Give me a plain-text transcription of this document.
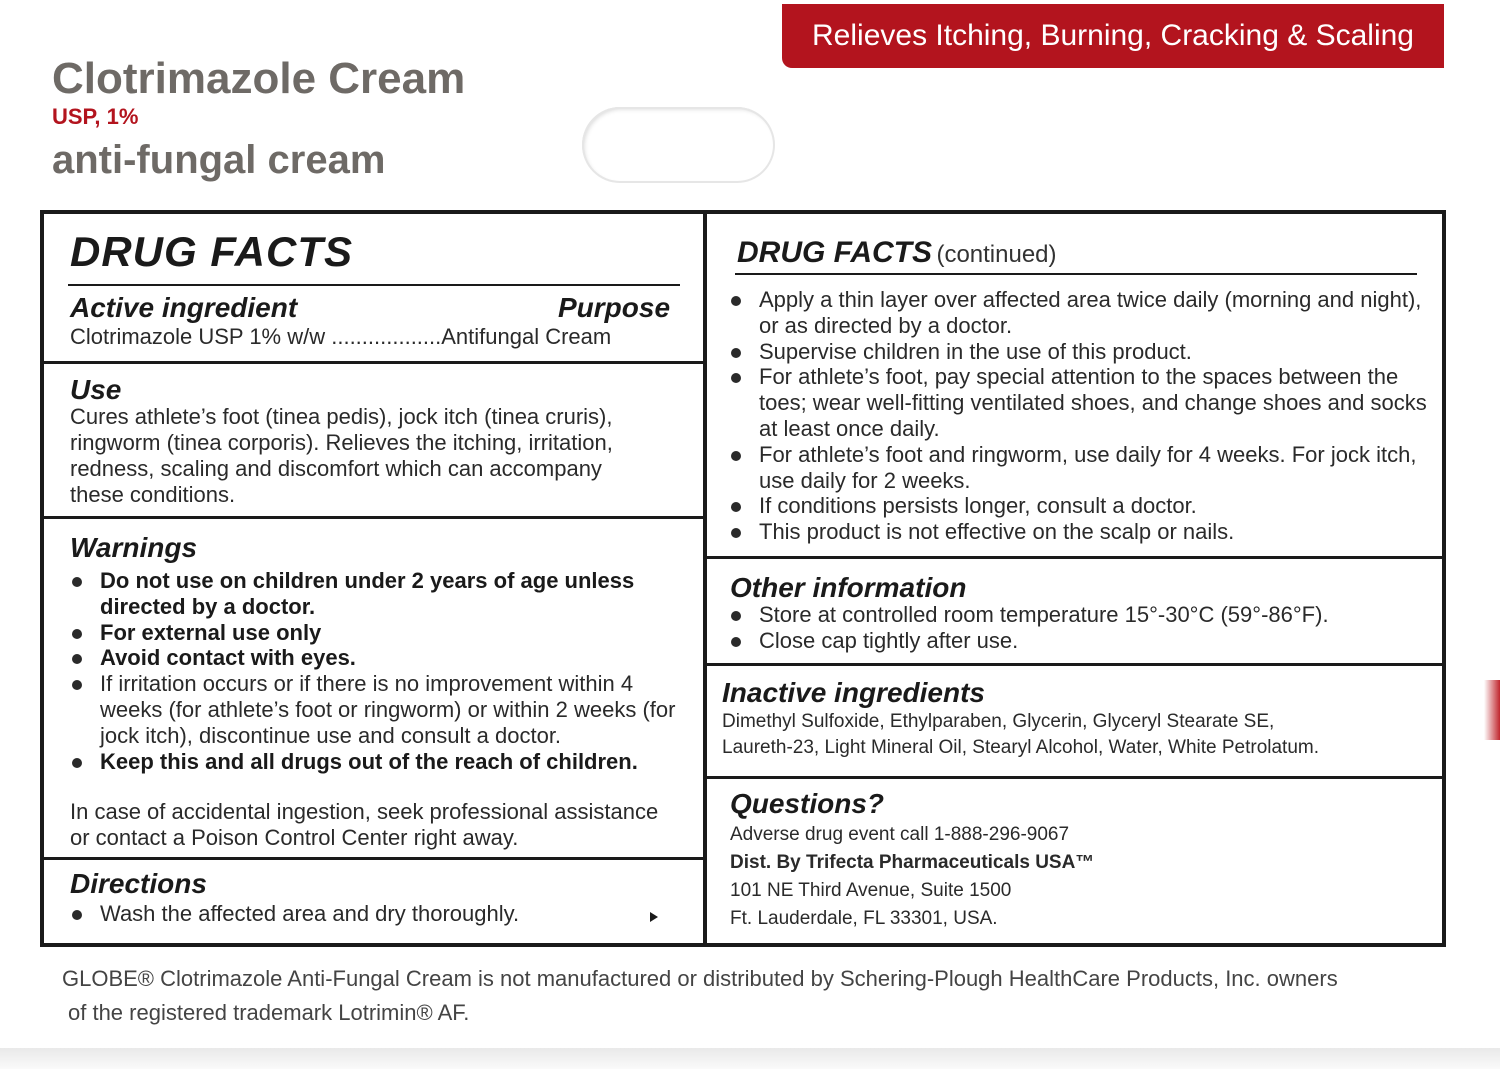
Relieves Itching, Burning, Cracking & Scaling
Clotrimazole Cream
USP, 1%
anti-fungal cream
DRUG FACTS
Active ingredient	Purpose
Clotrimazole USP 1% w/w ..................Antifungal Cream
Use
Cures athlete’s foot (tinea pedis), jock itch (tinea cruris),
ringworm (tinea corporis). Relieves the itching, irritation,
redness, scaling and discomfort which can accompany
these conditions.
Warnings
Do not use on children under 2 years of age unless directed by a doctor.
For external use only
Avoid contact with eyes.
If irritation occurs or if there is no improvement within 4 weeks (for athlete’s foot or ringworm) or within 2 weeks (for jock itch), discontinue use and consult a doctor.
Keep this and all drugs out of the reach of children.
In case of accidental ingestion, seek professional assistance
or contact a Poison Control Center right away.
Directions
Wash the affected area and dry thoroughly.
DRUG FACTS (continued)
Apply a thin layer over affected area twice daily (morning and night), or as directed by a doctor.
Supervise children in the use of this product.
For athlete’s foot, pay special attention to the spaces between the toes; wear well-fitting ventilated shoes, and change shoes and socks at least once daily.
For athlete’s foot and ringworm, use daily for 4 weeks. For jock itch, use daily for 2 weeks.
If conditions persists longer, consult a doctor.
This product is not effective on the scalp or nails.
Other information
Store at controlled room temperature 15°-30°C (59°-86°F).
Close cap tightly after use.
Inactive ingredients
Dimethyl Sulfoxide, Ethylparaben, Glycerin, Glyceryl Stearate SE,
Laureth-23, Light Mineral Oil, Stearyl Alcohol, Water, White Petrolatum.
Questions?
Adverse drug event call 1-888-296-9067
Dist. By Trifecta Pharmaceuticals USA™
101 NE Third Avenue, Suite 1500
Ft. Lauderdale, FL 33301, USA.
GLOBE® Clotrimazole Anti-Fungal Cream is not manufactured or distributed by Schering-Plough HealthCare Products, Inc. owners
of the registered trademark Lotrimin® AF.
